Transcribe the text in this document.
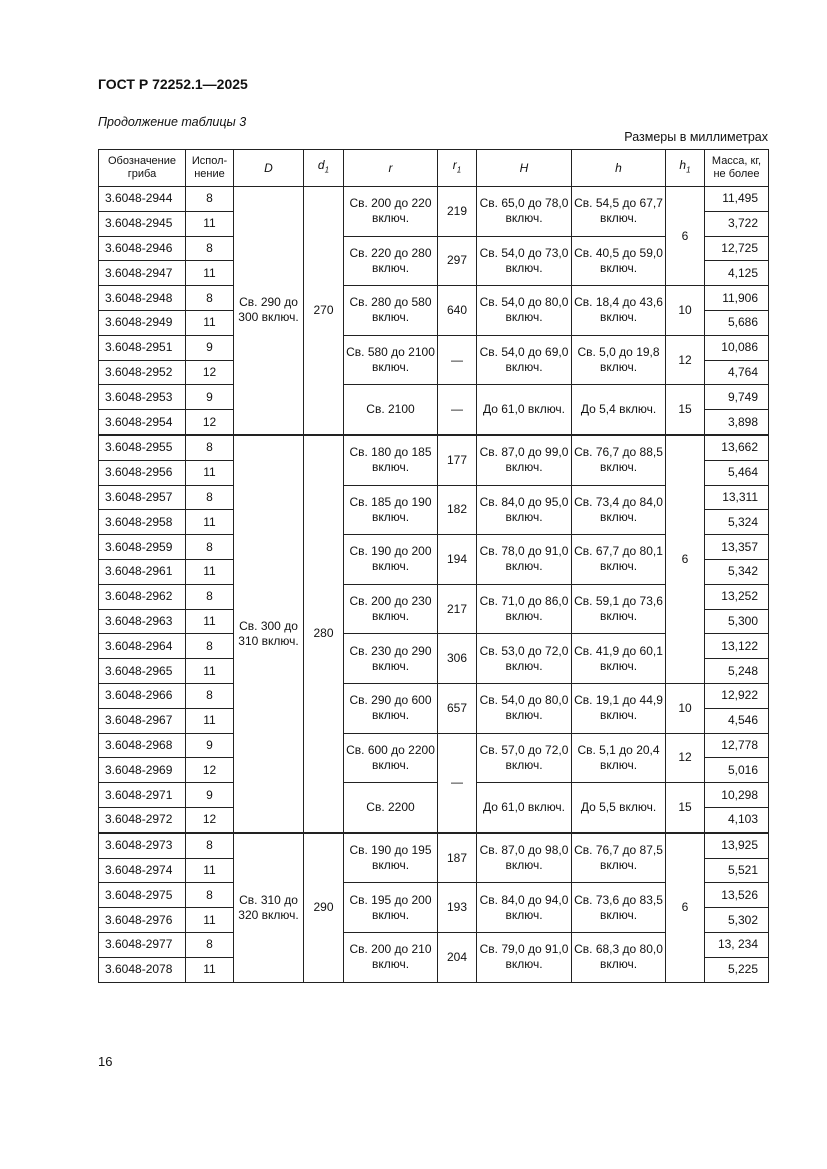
ГОСТ Р 72252.1—2025
Продолжение таблицы 3
Размеры в миллиметрах
Обозначение гриба	Испол-нение	D	$d_1$	r	$r_1$	H	h	$h_1$	Масса, кг, не более
3.6048-2944	8	Св. 290 до 300 включ.	270	Св. 200 до 220 включ.	219	Св. 65,0 до 78,0 включ.	Св. 54,5 до 67,7 включ.	6	11,495
3.6048-2945	11								3,722
3.6048-2946	8			Св. 220 до 280 включ.	297	Св. 54,0 до 73,0 включ.	Св. 40,5 до 59,0 включ.		12,725
3.6048-2947	11								4,125
3.6048-2948	8			Св. 280 до 580 включ.	640	Св. 54,0 до 80,0 включ.	Св. 18,4 до 43,6 включ.	10	11,906
3.6048-2949	11								5,686
3.6048-2951	9			Св. 580 до 2100 включ.	—	Св. 54,0 до 69,0 включ.	Св. 5,0 до 19,8 включ.	12	10,086
3.6048-2952	12								4,764
3.6048-2953	9			Св. 2100	—	До 61,0 включ.	До 5,4 включ.	15	9,749
3.6048-2954	12								3,898
3.6048-2955	8	Св. 300 до 310 включ.	280	Св. 180 до 185 включ.	177	Св. 87,0 до 99,0 включ.	Св. 76,7 до 88,5 включ.	6	13,662
3.6048-2956	11								5,464
3.6048-2957	8			Св. 185 до 190 включ.	182	Св. 84,0 до 95,0 включ.	Св. 73,4 до 84,0 включ.		13,311
3.6048-2958	11								5,324
3.6048-2959	8			Св. 190 до 200 включ.	194	Св. 78,0 до 91,0 включ.	Св. 67,7 до 80,1 включ.		13,357
3.6048-2961	11								5,342
3.6048-2962	8			Св. 200 до 230 включ.	217	Св. 71,0 до 86,0 включ.	Св. 59,1 до 73,6 включ.		13,252
3.6048-2963	11								5,300
3.6048-2964	8			Св. 230 до 290 включ.	306	Св. 53,0 до 72,0 включ.	Св. 41,9 до 60,1 включ.		13,122
3.6048-2965	11								5,248
3.6048-2966	8			Св. 290 до 600 включ.	657	Св. 54,0 до 80,0 включ.	Св. 19,1 до 44,9 включ.	10	12,922
3.6048-2967	11								4,546
3.6048-2968	9			Св. 600 до 2200 включ.	—	Св. 57,0 до 72,0 включ.	Св. 5,1 до 20,4 включ.	12	12,778
3.6048-2969	12								5,016
3.6048-2971	9			Св. 2200		До 61,0 включ.	До 5,5 включ.	15	10,298
3.6048-2972	12								4,103
3.6048-2973	8	Св. 310 до 320 включ.	290	Св. 190 до 195 включ.	187	Св. 87,0 до 98,0 включ.	Св. 76,7 до 87,5 включ.	6	13,925
3.6048-2974	11								5,521
3.6048-2975	8			Св. 195 до 200 включ.	193	Св. 84,0 до 94,0 включ.	Св. 73,6 до 83,5 включ.		13,526
3.6048-2976	11								5,302
3.6048-2977	8			Св. 200 до 210 включ.	204	Св. 79,0 до 91,0 включ.	Св. 68,3 до 80,0 включ.		13, 234
3.6048-2078	11								5,225
16
